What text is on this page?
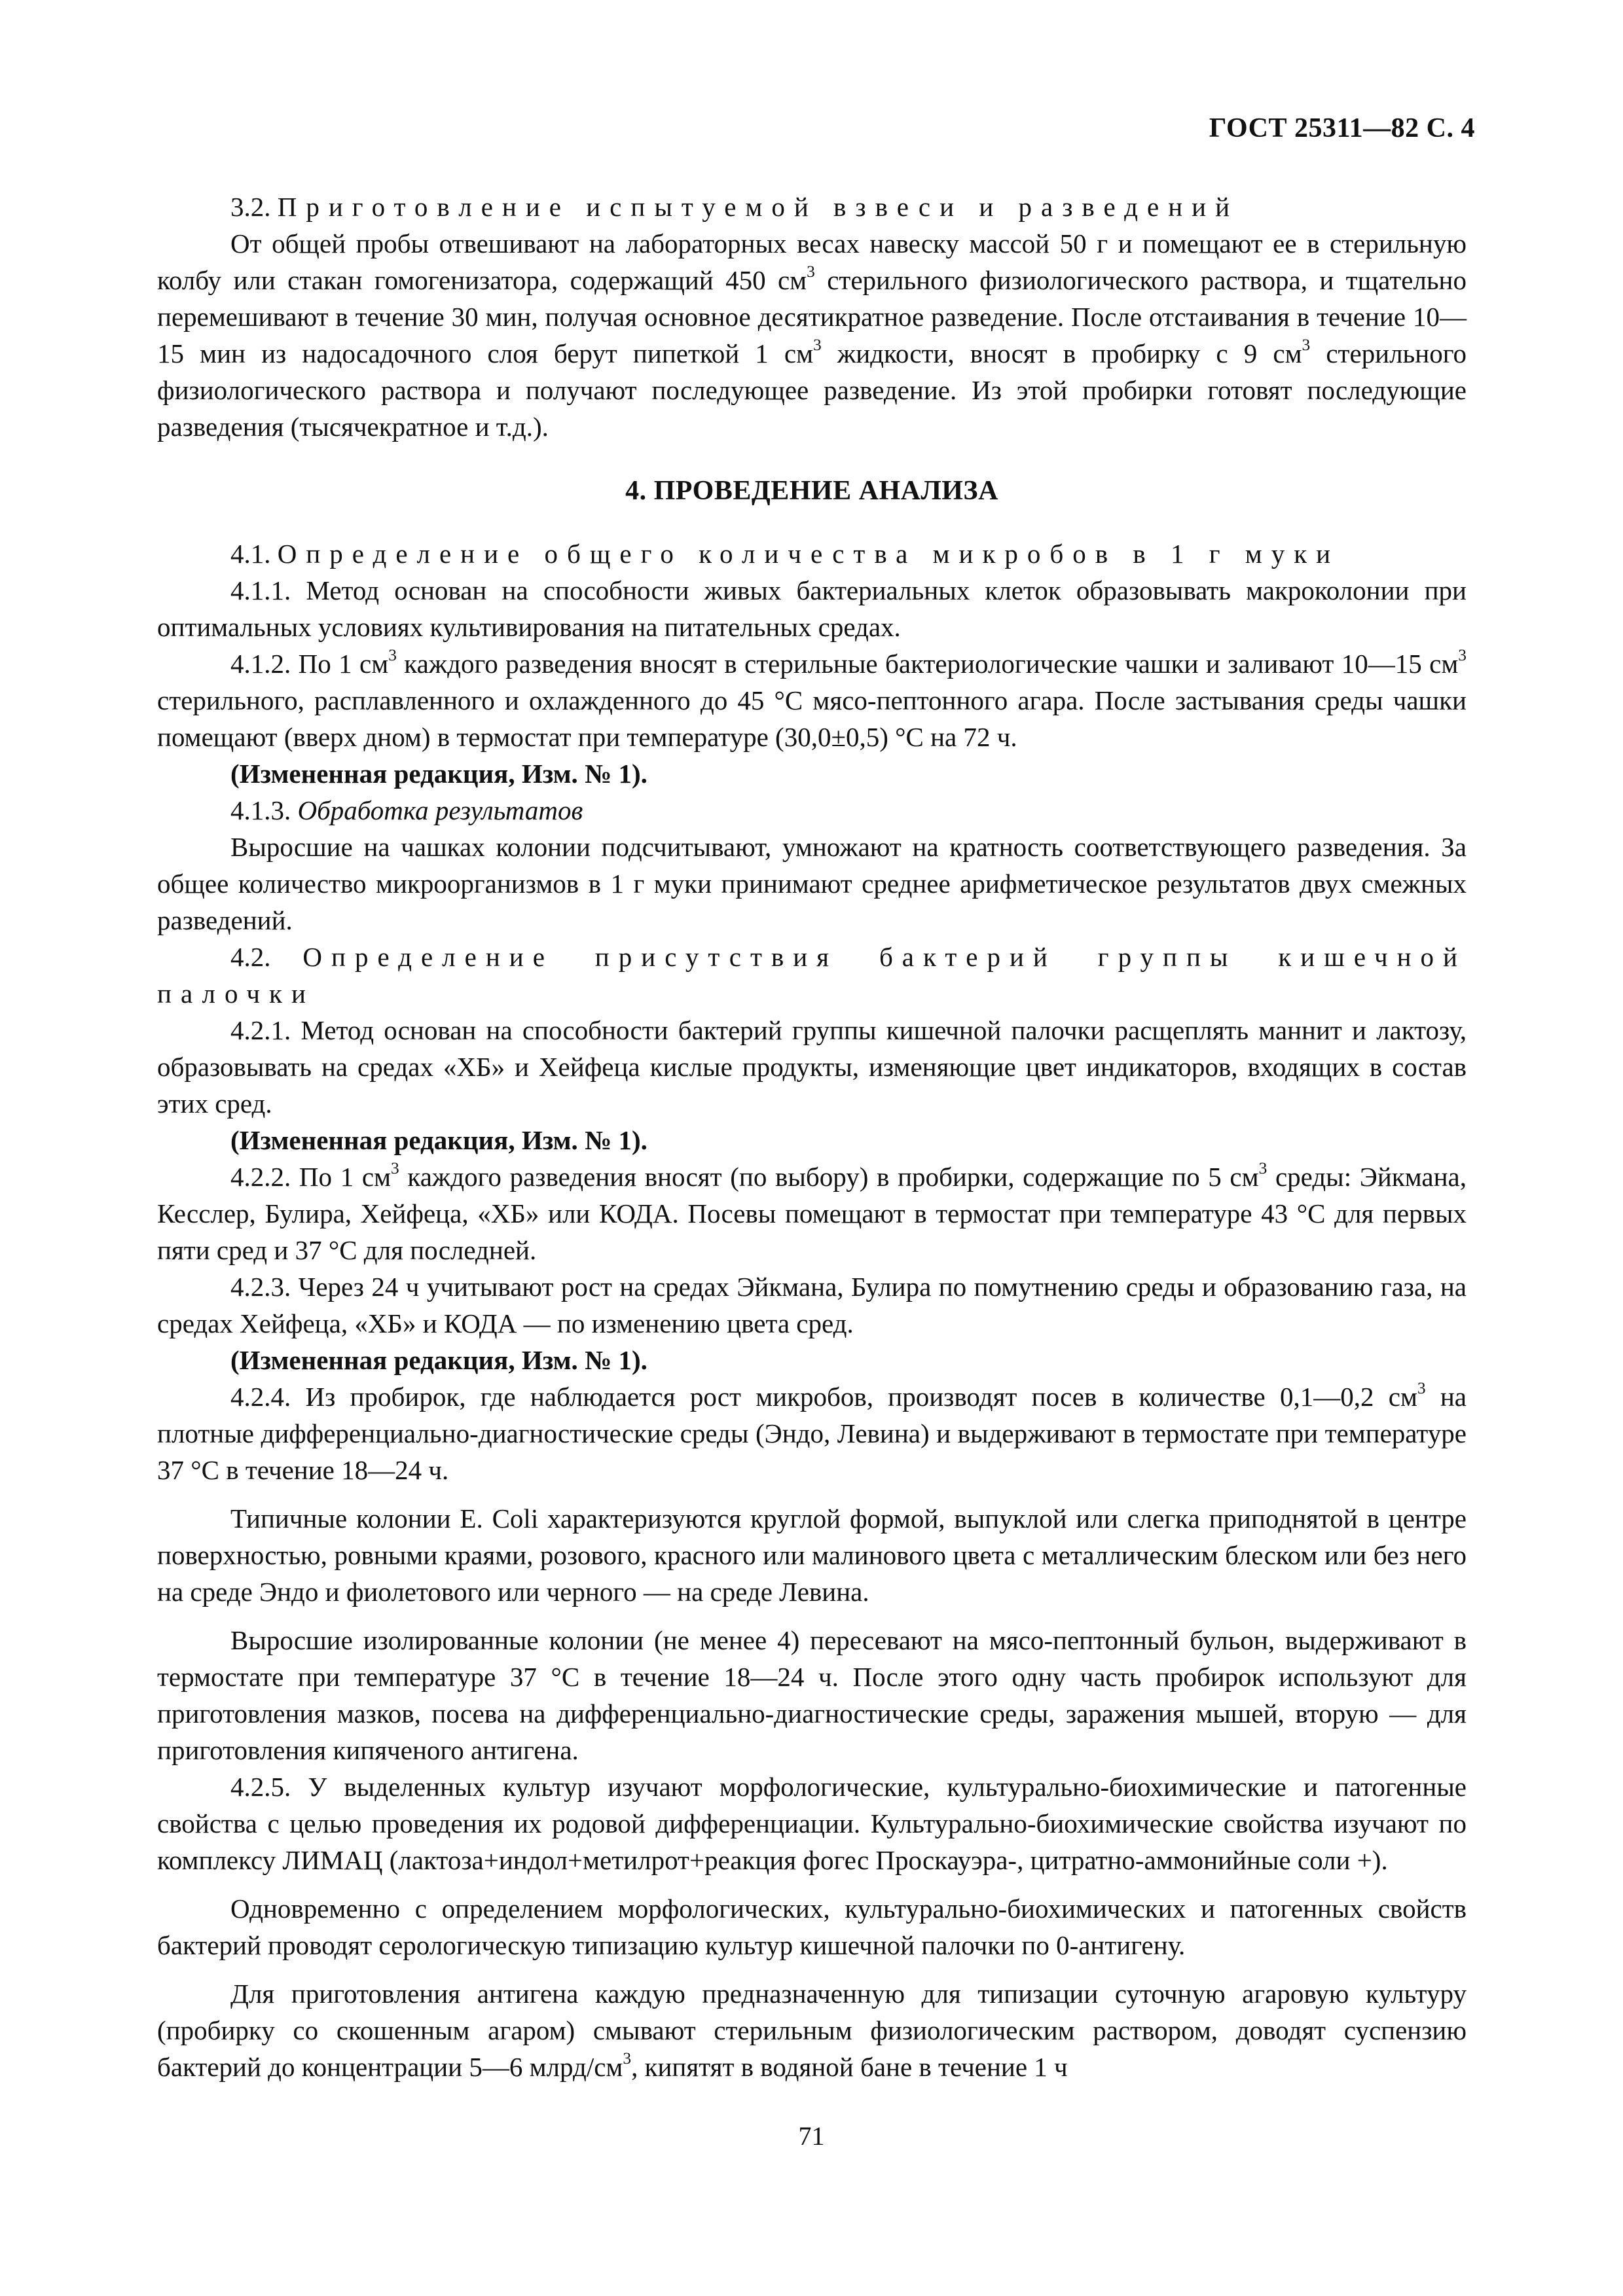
ГОСТ 25311—82 С. 4

3.2. Приготовление испытуемой взвеси и разведений

От общей пробы отвешивают на лабораторных весах навеску массой 50 г и помещают ее в стерильную колбу или стакан гомогенизатора, содержащий 450 $см^3$ стерильного физиологического раствора, и тщательно перемешивают в течение 30 мин, получая основное десятикратное разведение. После отстаивания в течение 10—15 мин из надосадочного слоя берут пипеткой 1 $см^3$ жидкости, вносят в пробирку с 9 $см^3$ стерильного физиологического раствора и получают последующее разведение. Из этой пробирки готовят последующие разведения (тысячекратное и т.д.).

4. ПРОВЕДЕНИЕ АНАЛИЗА

4.1. Определение общего количества микробов в 1 г муки

4.1.1. Метод основан на способности живых бактериальных клеток образовывать макроколонии при оптимальных условиях культивирования на питательных средах.

4.1.2. По 1 $см^3$ каждого разведения вносят в стерильные бактериологические чашки и заливают 10—15 $см^3$ стерильного, расплавленного и охлажденного до 45 °С мясо-пептонного агара. После застывания среды чашки помещают (вверх дном) в термостат при температуре (30,0±0,5) °С на 72 ч.

(Измененная редакция, Изм. № 1).

4.1.3. Обработка результатов

Выросшие на чашках колонии подсчитывают, умножают на кратность соответствующего разведения. За общее количество микроорганизмов в 1 г муки принимают среднее арифметическое результатов двух смежных разведений.

4.2. Определение присутствия бактерий группы кишечной палочки

4.2.1. Метод основан на способности бактерий группы кишечной палочки расщеплять маннит и лактозу, образовывать на средах «ХБ» и Хейфеца кислые продукты, изменяющие цвет индикаторов, входящих в состав этих сред.

(Измененная редакция, Изм. № 1).

4.2.2. По 1 $см^3$ каждого разведения вносят (по выбору) в пробирки, содержащие по 5 $см^3$ среды: Эйкмана, Кесслер, Булира, Хейфеца, «ХБ» или КОДА. Посевы помещают в термостат при температуре 43 °С для первых пяти сред и 37 °С для последней.

4.2.3. Через 24 ч учитывают рост на средах Эйкмана, Булира по помутнению среды и образованию газа, на средах Хейфеца, «ХБ» и КОДА — по изменению цвета сред.

(Измененная редакция, Изм. № 1).

4.2.4. Из пробирок, где наблюдается рост микробов, производят посев в количестве 0,1—0,2 $см^3$ на плотные дифференциально-диагностические среды (Эндо, Левина) и выдерживают в термостате при температуре 37 °С в течение 18—24 ч.

Типичные колонии E. Coli характеризуются круглой формой, выпуклой или слегка приподнятой в центре поверхностью, ровными краями, розового, красного или малинового цвета с металлическим блеском или без него на среде Эндо и фиолетового или черного — на среде Левина.

Выросшие изолированные колонии (не менее 4) пересевают на мясо-пептонный бульон, выдерживают в термостате при температуре 37 °С в течение 18—24 ч. После этого одну часть пробирок используют для приготовления мазков, посева на дифференциально-диагностические среды, заражения мышей, вторую — для приготовления кипяченого антигена.

4.2.5. У выделенных культур изучают морфологические, культурально-биохимические и патогенные свойства с целью проведения их родовой дифференциации. Культурально-биохимические свойства изучают по комплексу ЛИМАЦ (лактоза+индол+метилрот+реакция фогес Проскауэра-, цитратно-аммонийные соли +).

Одновременно с определением морфологических, культурально-биохимических и патогенных свойств бактерий проводят серологическую типизацию культур кишечной палочки по 0-антигену.

Для приготовления антигена каждую предназначенную для типизации суточную агаровую культуру (пробирку со скошенным агаром) смывают стерильным физиологическим раствором, доводят суспензию бактерий до концентрации 5—6 млрд/$см^3$, кипятят в водяной бане в течение 1 ч

71
